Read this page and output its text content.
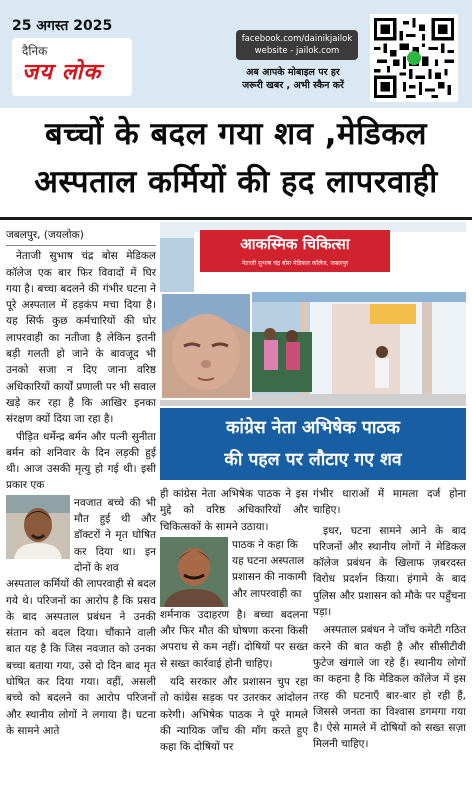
25 अगस्त 2025
दैनिक
जय लोक
facebook.com/dainikjailok
website - jailok.com
अब आपके मोबाइल पर हर
जरूरी खबर , अभी स्कैन करें
बच्चों के बदल गया शव ,मेडिकल
अस्पताल कर्मियों की हद लापरवाही
जबलपुर, (जयलोक)

नेताजी सुभाष चंद्र बोस मेडिकल कॉलेज एक बार फिर विवादों में घिर गया है। बच्चा बदलने की गंभीर घटना ने पूरे अस्पताल में हड़कंप मचा दिया है। यह सिर्फ कुछ कर्मचारियों की घोर लापरवाही का नतीजा है लेकिन इतनी बड़ी गलती हो जाने के बावजूद भी उनको सजा न दिए जाना वरिष्ठ अधिकारियों कार्यों प्रणाली पर भी सवाल खड़े कर रहा है कि आखिर इनका संरक्षण क्यों दिया जा रहा है।

पीड़ित धर्मेन्द्र बर्मन और पत्नी सुनीता बर्मन को शनिवार के दिन लड़की हुई थी। आज उसकी मृत्यु हो गई थी। इसी प्रकार एक

नवजात बच्चे की भी मौत हुई थी और डॉक्टरों ने मृत घोषित कर दिया था। इन दोनों के शव
अस्पताल कर्मियों की लापरवाही से बदल गये थे। परिजनों का आरोप है कि प्रसव के बाद अस्पताल प्रबंधन ने उनकी संतान को बदल दिया। चौंकाने वाली बात यह है कि जिस नवजात को उनका बच्चा बताया गया, उसे दो दिन बाद मृत घोषित कर दिया गया। वहीं, असली बच्चे को बदलने का आरोप परिजनों और स्थानीय लोगों ने लगाया है। घटना के सामने आते
आकस्मिक चिकित्सा
नेताजी सुभाष चंद्र बोस मेडिकल कॉलेज, जबलपुर
कांग्रेस नेता अभिषेक पाठक
की पहल पर लौटाए गए शव

ही कांग्रेस नेता अभिषेक पाठक ने इस मुद्दे को वरिष्ठ अधिकारियों और चिकित्सकों के सामने उठाया।

पाठक ने कहा कि यह घटना अस्पताल प्रशासन की नाकामी और लापरवाही का

शर्मनाक उदाहरण है। बच्चा बदलना और फिर मौत की घोषणा करना किसी अपराध से कम नहीं। दोषियों पर सख्त से सख्त कार्रवाई होनी चाहिए।

यदि सरकार और प्रशासन चुप रहा तो कांग्रेस सड़क पर उतरकर आंदोलन करेगी। अभिषेक पाठक ने पूरे मामले की न्यायिक जाँच की माँग करते हुए कहा कि दोषियों पर

गंभीर धाराओं में मामला दर्ज होना चाहिए।

इधर, घटना सामने आने के बाद परिजनों और स्थानीय लोगों ने मेडिकल कॉलेज प्रबंधन के खिलाफ ज़बरदस्त विरोध प्रदर्शन किया। हंगामे के बाद पुलिस और प्रशासन को मौके पर पहुँचना पड़ा।

अस्पताल प्रबंधन ने जाँच कमेटी गठित करने की बात कही है और सीसीटीवी फुटेज खंगाले जा रहे हैं। स्थानीय लोगों का कहना है कि मेडिकल कॉलेज में इस तरह की घटनाएँ बार-बार हो रही हैं, जिससे जनता का विश्वास डगमगा गया है। ऐसे मामले में दोषियों को सख्त सज़ा मिलनी चाहिए।
